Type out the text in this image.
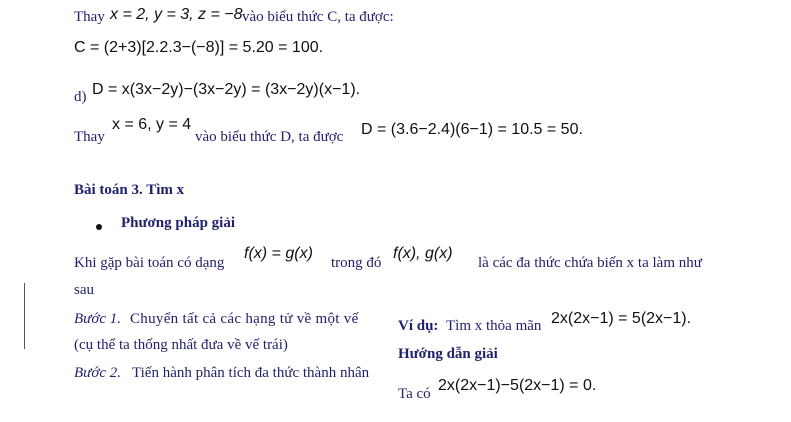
Thay x = 2, y = 3, z = −8 vào biểu thức C, ta được:
C = (2+3)[2.2.3−(−8)] = 5.20 = 100.
d) D = x(3x−2y)−(3x−2y) = (3x−2y)(x−1).
Thay
x = 6, y = 4
vào biểu thức D, ta được D = (3.6−2.4)(6−1) = 10.5 = 50.
Bài toán 3. Tìm x
Phương pháp giải
Khi gặp bài toán có dạng
f(x) = g(x)
trong đó
f(x), g(x)
là các đa thức chứa biến x ta làm như
sau
Bước 1. Chuyển tất cả các hạng tử về một vế
(cụ thể ta thống nhất đưa về vế trái)
Bước 2. Tiến hành phân tích đa thức thành nhân
Ví dụ: Tìm x thỏa mãn 2x(2x−1) = 5(2x−1).
Hướng dẫn giải
Ta có 2x(2x−1)−5(2x−1) = 0.
